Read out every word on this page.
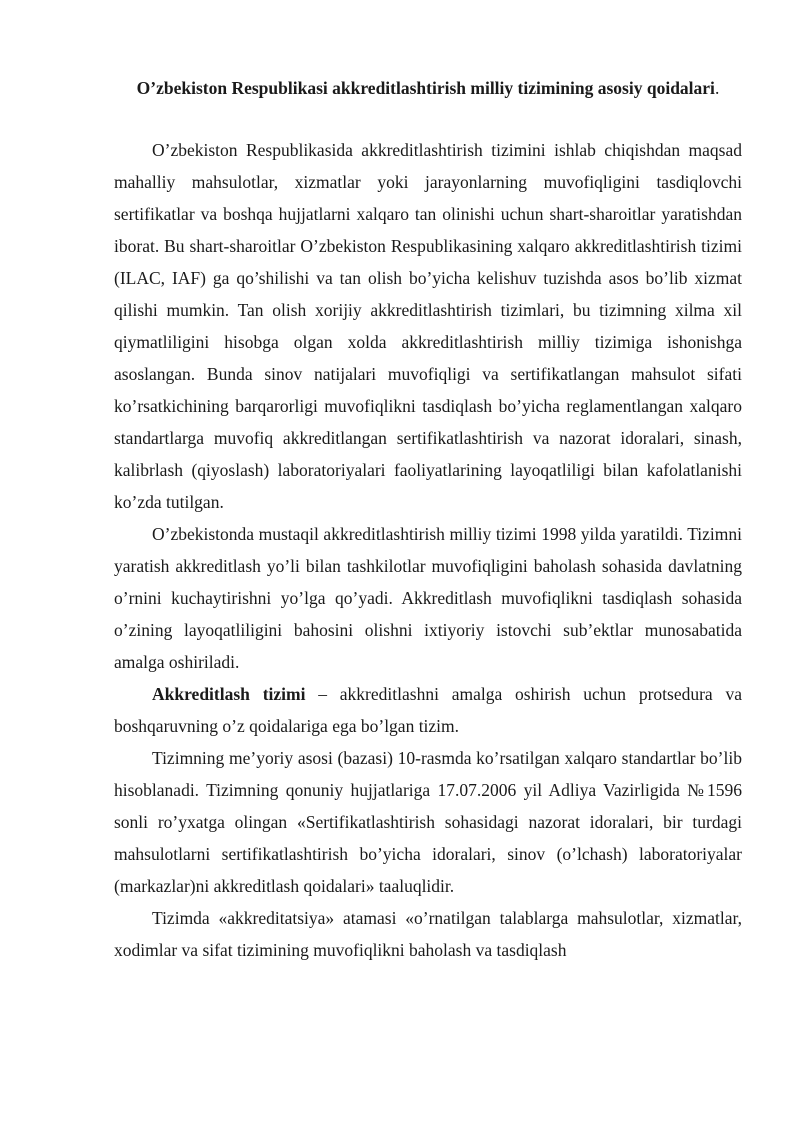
O’zbekiston Respublikasi akkreditlashtirish milliy tizimining asosiy qoidalari.

O’zbekiston Respublikasida akkreditlashtirish tizimini ishlab chiqishdan maqsad mahalliy mahsulotlar, xizmatlar yoki jarayonlarning muvofiqligini tasdiqlovchi sertifikatlar va boshqa hujjatlarni xalqaro tan olinishi uchun shart-sharoitlar yaratishdan iborat. Bu shart-sharoitlar O’zbekiston Respublikasining xalqaro akkreditlashtirish tizimi (ILAC, IAF) ga qo’shilishi va tan olish bo’yicha kelishuv tuzishda asos bo’lib xizmat qilishi mumkin. Tan olish xorijiy akkreditlashtirish tizimlari, bu tizimning xilma xil qiymatliligini hisobga olgan xolda akkreditlashtirish milliy tizimiga ishonishga asoslangan. Bunda sinov natijalari muvofiqligi va sertifikatlangan mahsulot sifati ko’rsatkichining barqarorligi muvofiqlikni tasdiqlash bo’yicha reglamentlangan xalqaro standartlarga muvofiq akkreditlangan sertifikatlashtirish va nazorat idoralari, sinash, kalibrlash (qiyoslash) laboratoriyalari faoliyatlarining layoqatliligi bilan kafolatlanishi ko’zda tutilgan.

O’zbekistonda mustaqil akkreditlashtirish milliy tizimi 1998 yilda yaratildi. Tizimni yaratish akkreditlash yo’li bilan tashkilotlar muvofiqligini baholash sohasida davlatning o’rnini kuchaytirishni yo’lga qo’yadi. Akkreditlash muvofiqlikni tasdiqlash sohasida o’zining layoqatliligini bahosini olishni ixtiyoriy istovchi sub’ektlar munosabatida amalga oshiriladi.

Akkreditlash tizimi – akkreditlashni amalga oshirish uchun protsedura va boshqaruvning o’z qoidalariga ega bo’lgan tizim.

Tizimning me’yoriy asosi (bazasi) 10-rasmda ko’rsatilgan xalqaro standartlar bo’lib hisoblanadi. Tizimning qonuniy hujjatlariga 17.07.2006 yil Adliya Vazirligida №1596 sonli ro’yxatga olingan «Sertifikatlashtirish sohasidagi nazorat idoralari, bir turdagi mahsulotlarni sertifikatlashtirish bo’yicha idoralari, sinov (o’lchash) laboratoriyalar (markazlar)ni akkreditlash qoidalari» taaluqlidir.

Tizimda «akkreditatsiya» atamasi «o’rnatilgan talablarga mahsulotlar, xizmatlar, xodimlar va sifat tizimining muvofiqlikni baholash va tasdiqlash
